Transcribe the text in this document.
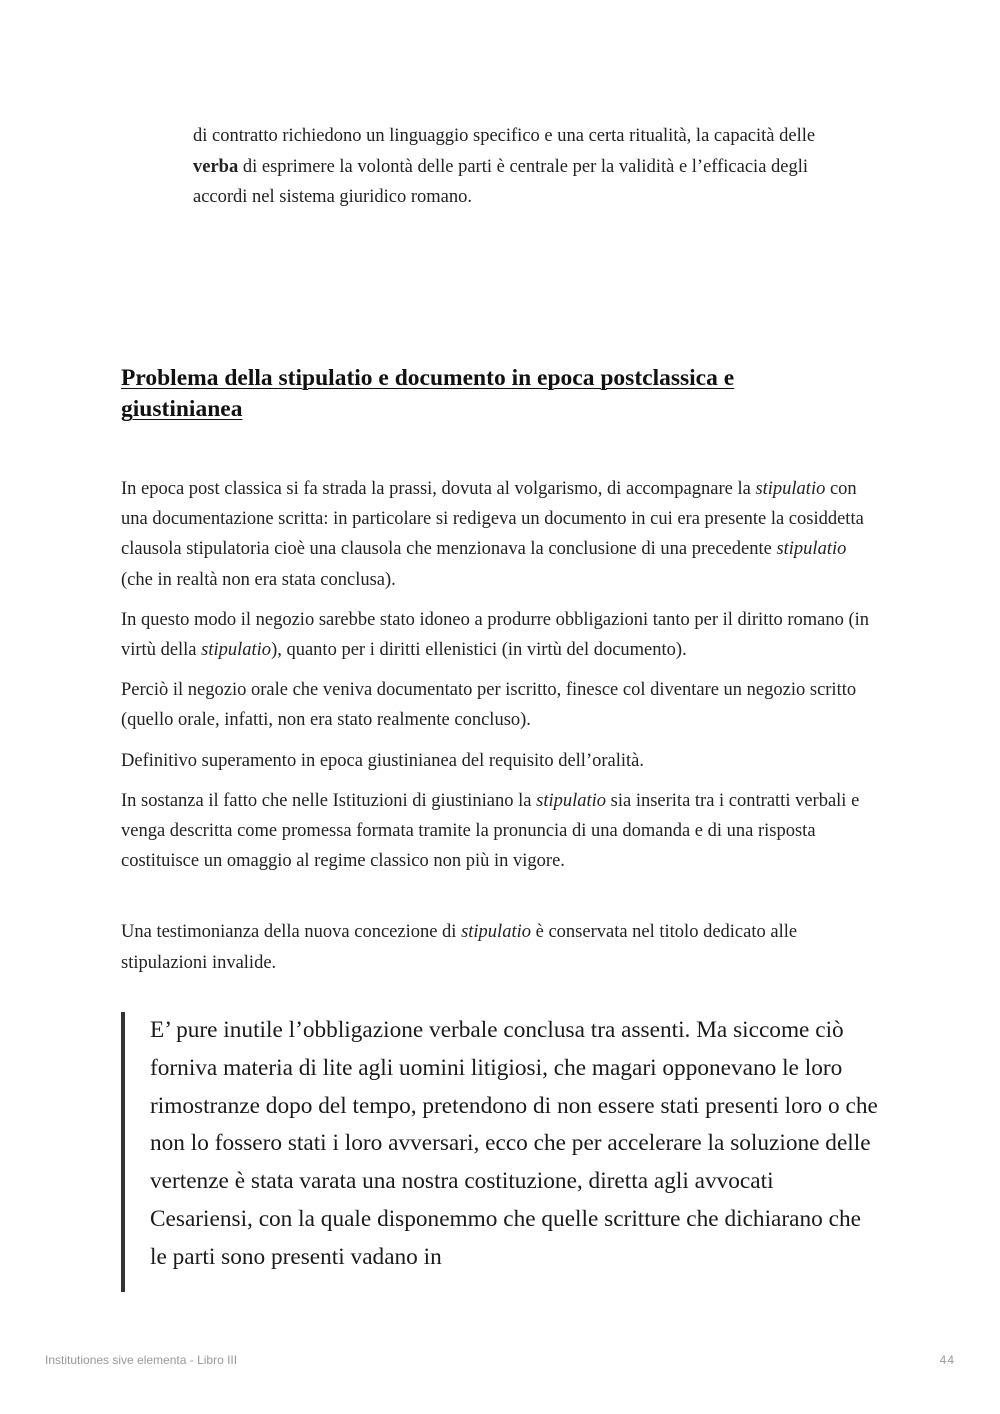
di contratto richiedono un linguaggio specifico e una certa ritualità, la capacità delle verba di esprimere la volontà delle parti è centrale per la validità e l’efficacia degli accordi nel sistema giuridico romano.

Problema della stipulatio e documento in epoca postclassica e giustinianea

In epoca post classica si fa strada la prassi, dovuta al volgarismo, di accompagnare la stipulatio con una documentazione scritta: in particolare si redigeva un documento in cui era presente la cosiddetta clausola stipulatoria cioè una clausola che menzionava la conclusione di una precedente stipulatio (che in realtà non era stata conclusa).

In questo modo il negozio sarebbe stato idoneo a produrre obbligazioni tanto per il diritto romano (in virtù della stipulatio), quanto per i diritti ellenistici (in virtù del documento).

Perciò il negozio orale che veniva documentato per iscritto, finesce col diventare un negozio scritto (quello orale, infatti, non era stato realmente concluso).

Definitivo superamento in epoca giustinianea del requisito dell’oralità.

In sostanza il fatto che nelle Istituzioni di giustiniano la stipulatio sia inserita tra i contratti verbali e venga descritta come promessa formata tramite la pronuncia di una domanda e di una risposta costituisce un omaggio al regime classico non più in vigore.

Una testimonianza della nuova concezione di stipulatio è conservata nel titolo dedicato alle stipulazioni invalide.

E’ pure inutile l’obbligazione verbale conclusa tra assenti. Ma siccome ciò forniva materia di lite agli uomini litigiosi, che magari opponevano le loro rimostranze dopo del tempo, pretendono di non essere stati presenti loro o che non lo fossero stati i loro avversari, ecco che per accelerare la soluzione delle vertenze è stata varata una nostra costituzione, diretta agli avvocati Cesariensi, con la quale disponemmo che quelle scritture che dichiarano che le parti sono presenti vadano in

Institutiones sive elementa - Libro III	44
